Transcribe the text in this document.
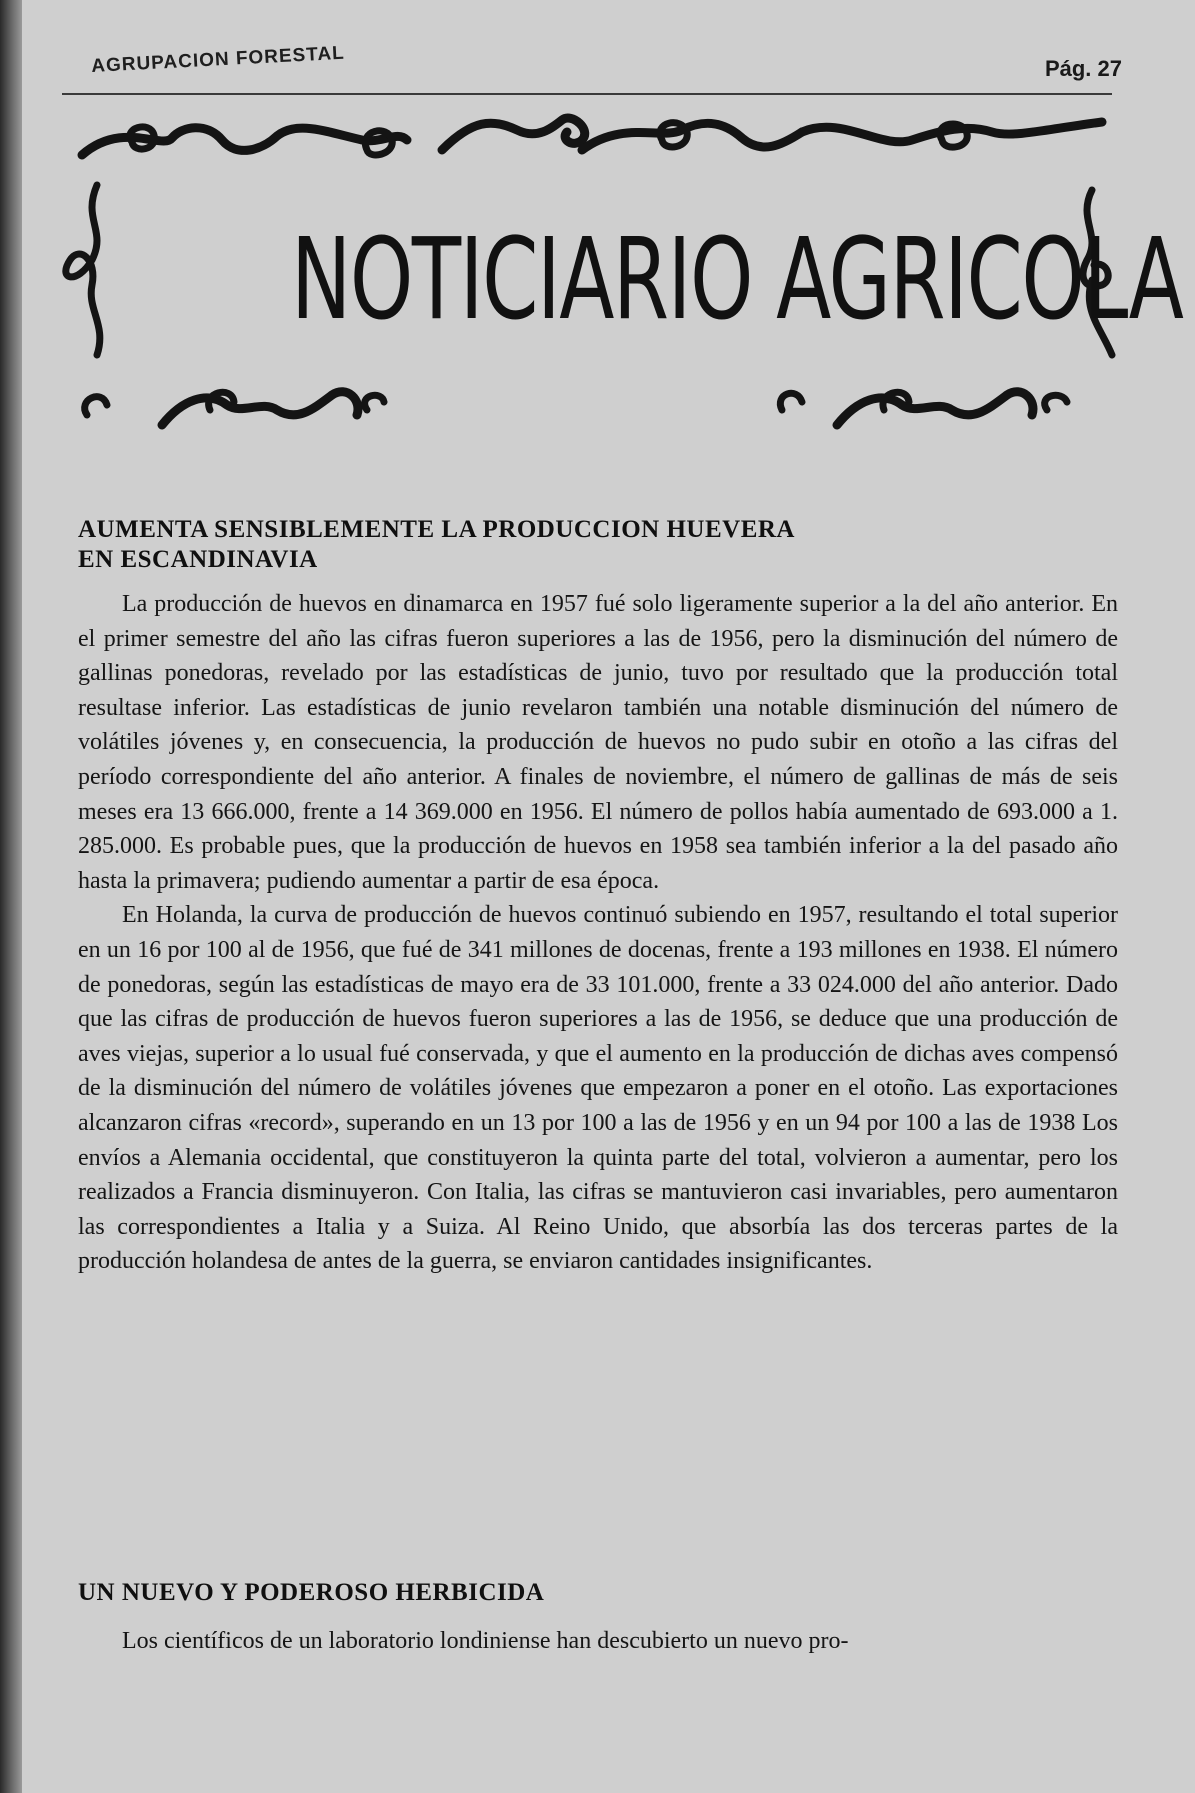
AGRUPACION FORESTAL	Pág. 27
NOTICIARIO AGRICOLA

AUMENTA SENSIBLEMENTE LA PRODUCCION HUEVERA

EN ESCANDINAVIA

La producción de huevos en dinamarca en 1957 fué solo ligeramente superior a la del año anterior. En el primer semestre del año las cifras fueron superiores a las de 1956, pero la disminución del número de gallinas ponedoras, revelado por las estadísticas de junio, tuvo por resultado que la producción total resultase inferior. Las estadísticas de junio revelaron también una notable disminución del número de volátiles jóvenes y, en consecuencia, la producción de huevos no pudo subir en otoño a las cifras del período correspondiente del año anterior. A finales de noviembre, el número de gallinas de más de seis meses era 13 666.000, frente a 14 369.000 en 1956. El número de pollos había aumentado de 693.000 a 1. 285.000. Es probable pues, que la producción de huevos en 1958 sea también inferior a la del pasado año hasta la primavera; pudiendo aumentar a partir de esa época.

En Holanda, la curva de producción de huevos continuó subiendo en 1957, resultando el total superior en un 16 por 100 al de 1956, que fué de 341 millones de docenas, frente a 193 millones en 1938. El número de ponedoras, según las estadísticas de mayo era de 33 101.000, frente a 33 024.000 del año anterior. Dado que las cifras de producción de huevos fueron superiores a las de 1956, se deduce que una producción de aves viejas, superior a lo usual fué conservada, y que el aumento en la producción de dichas aves compensó de la disminución del número de volátiles jóvenes que empezaron a poner en el otoño. Las exportaciones alcanzaron cifras «record», superando en un 13 por 100 a las de 1956 y en un 94 por 100 a las de 1938 Los envíos a Alemania occidental, que constituyeron la quinta parte del total, volvieron a aumentar, pero los realizados a Francia disminuyeron. Con Italia, las cifras se mantuvieron casi invariables, pero aumentaron las correspondientes a Italia y a Suiza. Al Reino Unido, que absorbía las dos terceras partes de la producción holandesa de antes de la guerra, se enviaron cantidades insignificantes.

UN NUEVO Y PODEROSO HERBICIDA

Los científicos de un laboratorio londiniense han descubierto un nuevo pro-
